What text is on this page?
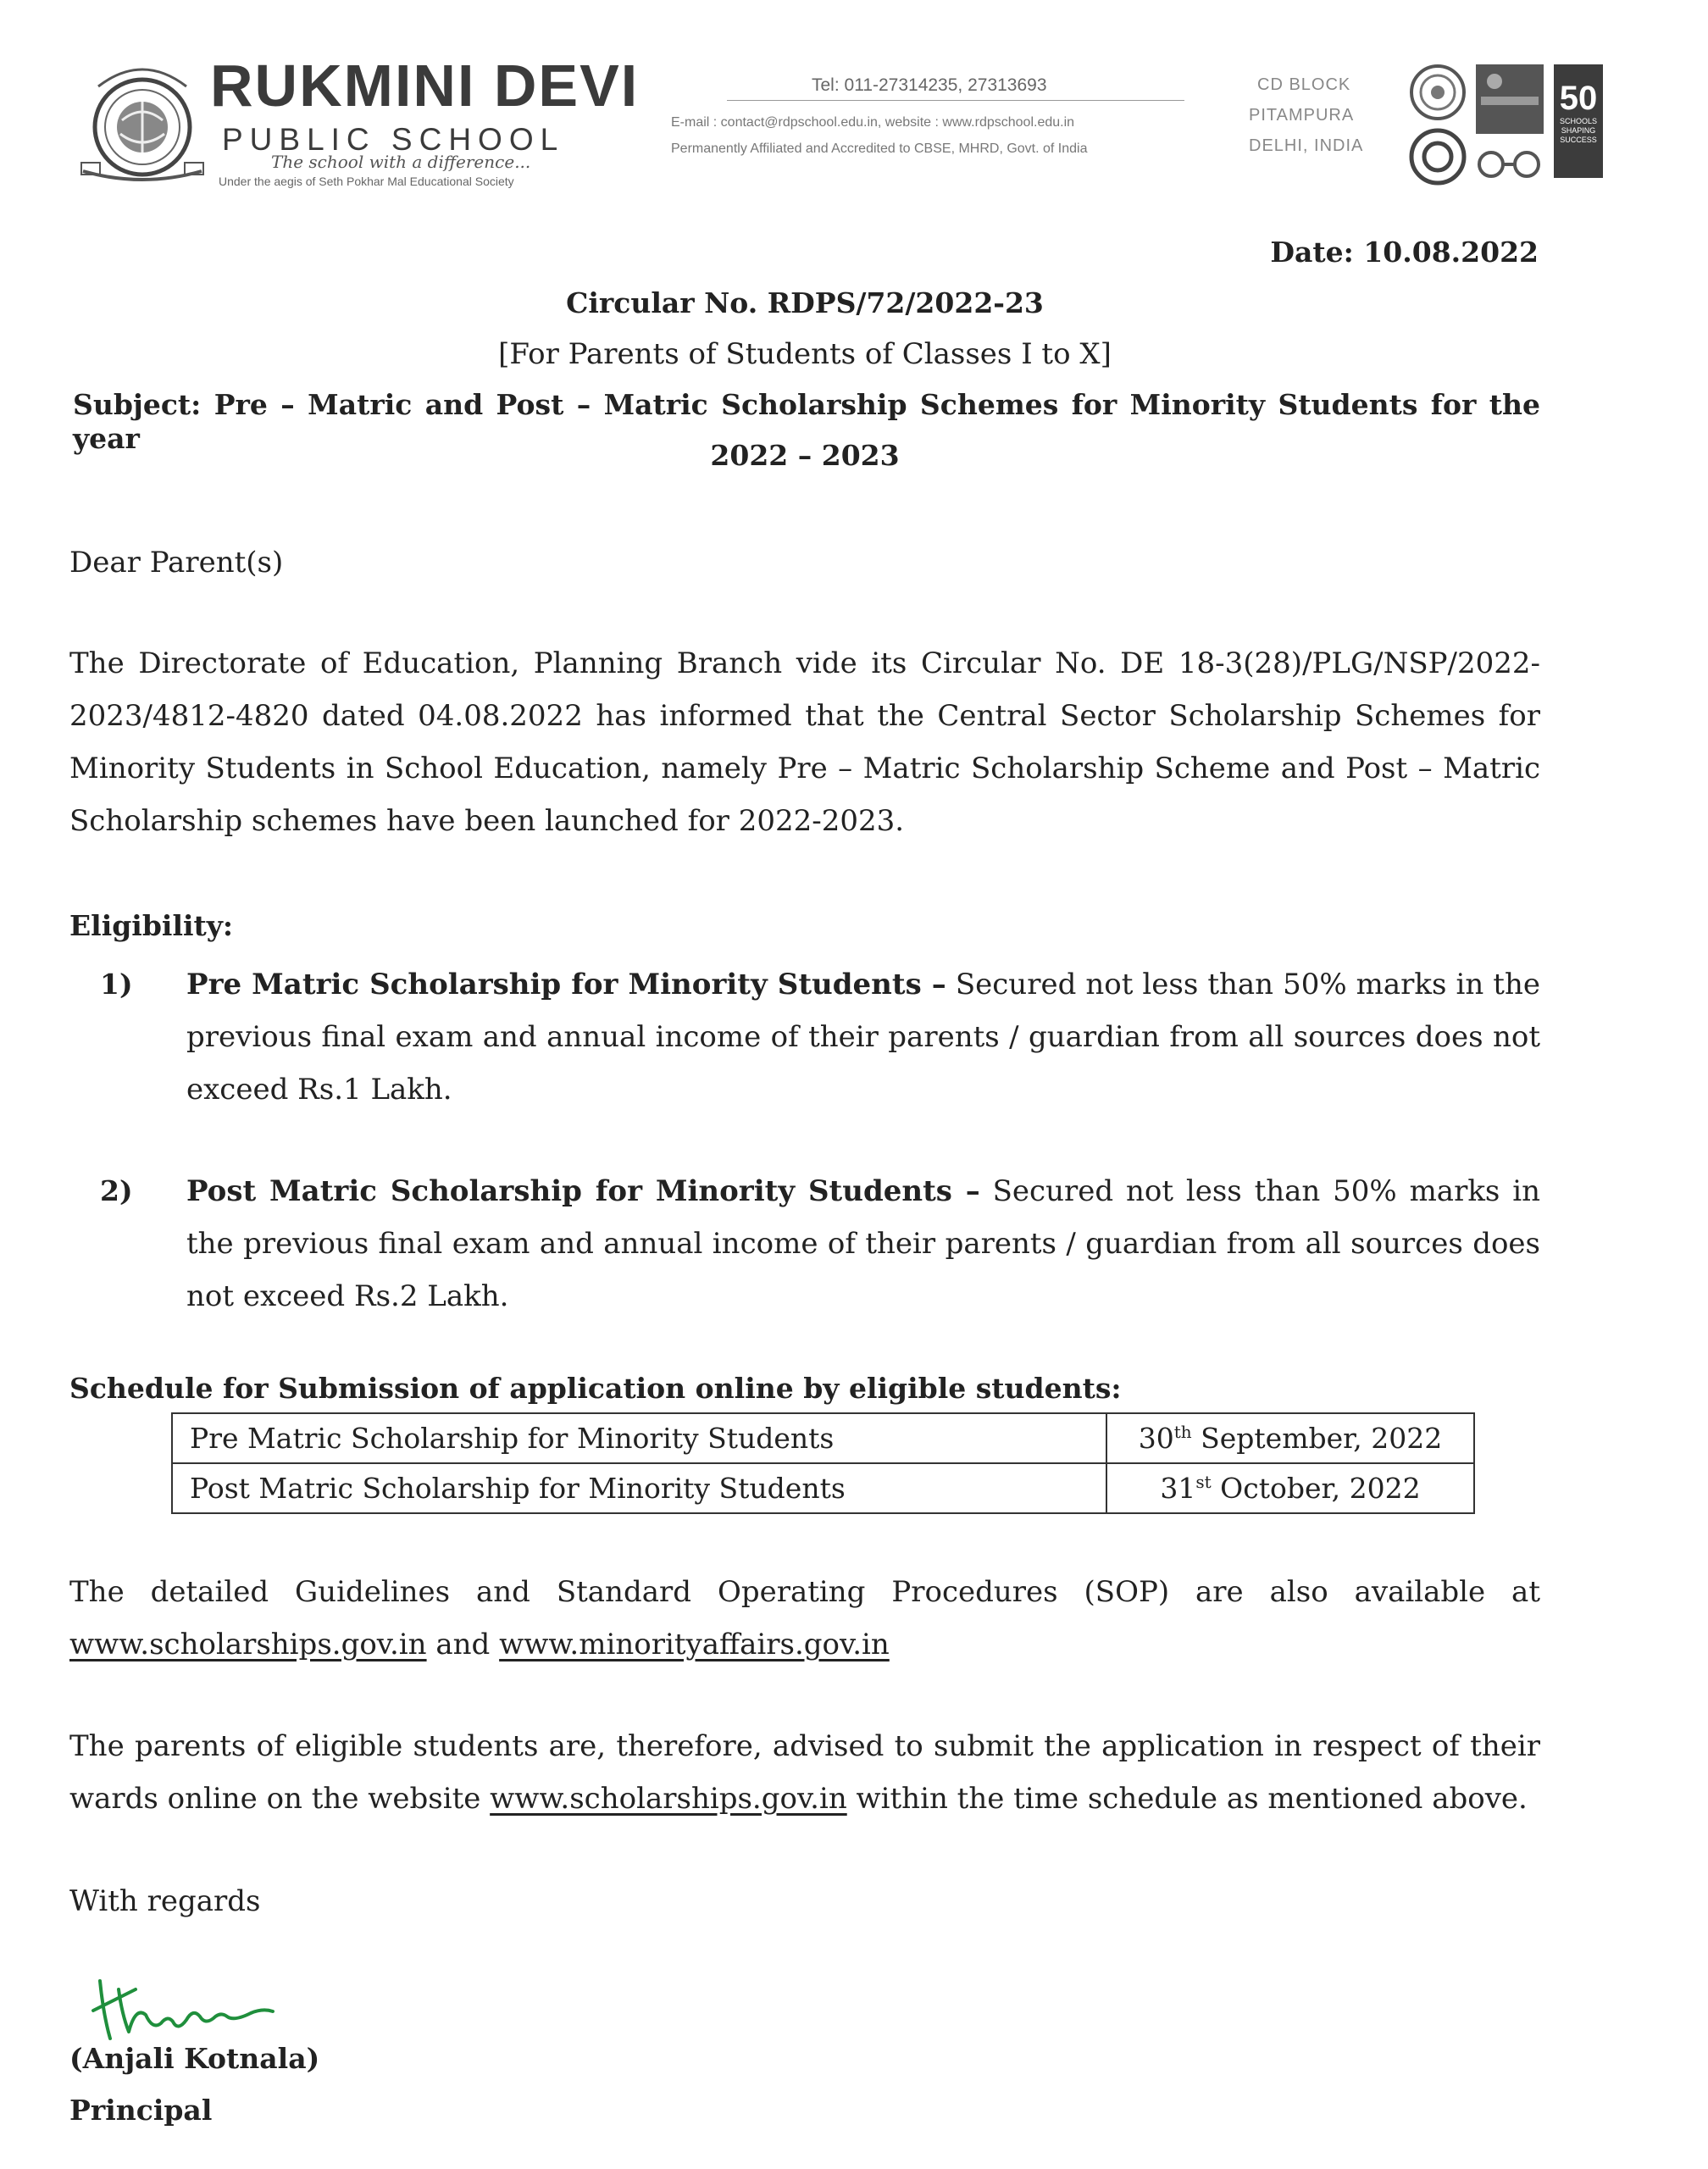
RUKMINI DEVI
PUBLIC SCHOOL
The school with a difference...
Under the aegis of Seth Pokhar Mal Educational Society
Tel: 011-27314235, 27313693
E-mail : contact@rdpschool.edu.in, website : www.rdpschool.edu.in
Permanently Affiliated and Accredited to CBSE, MHRD, Govt. of India
CD BLOCK
PITAMPURA
DELHI, INDIA
50
SCHOOLS
SHAPING
SUCCESS
Date: 10.08.2022
Circular No. RDPS/72/2022-23
[For Parents of Students of Classes I to X]
Subject: Pre – Matric and Post – Matric Scholarship Schemes for Minority Students for the year
2022 – 2023
Dear Parent(s)
The Directorate of Education, Planning Branch vide its Circular No. DE 18-3(28)/PLG/NSP/2022-2023/4812-4820 dated 04.08.2022 has informed that the Central Sector Scholarship Schemes for Minority Students in School Education, namely Pre – Matric Scholarship Scheme and Post – Matric Scholarship schemes have been launched for 2022-2023.
Eligibility:
1) Pre Matric Scholarship for Minority Students – Secured not less than 50% marks in the previous final exam and annual income of their parents / guardian from all sources does not exceed Rs.1 Lakh.
2) Post Matric Scholarship for Minority Students – Secured not less than 50% marks in the previous final exam and annual income of their parents / guardian from all sources does not exceed Rs.2 Lakh.
Schedule for Submission of application online by eligible students:
Pre Matric Scholarship for Minority Students	30th September, 2022
Post Matric Scholarship for Minority Students	31st October, 2022
The detailed Guidelines and Standard Operating Procedures (SOP) are also available at
www.scholarships.gov.in and www.minorityaffairs.gov.in
The parents of eligible students are, therefore, advised to submit the application in respect of their
wards online on the website www.scholarships.gov.in within the time schedule as mentioned above.
With regards
(Anjali Kotnala)
Principal
